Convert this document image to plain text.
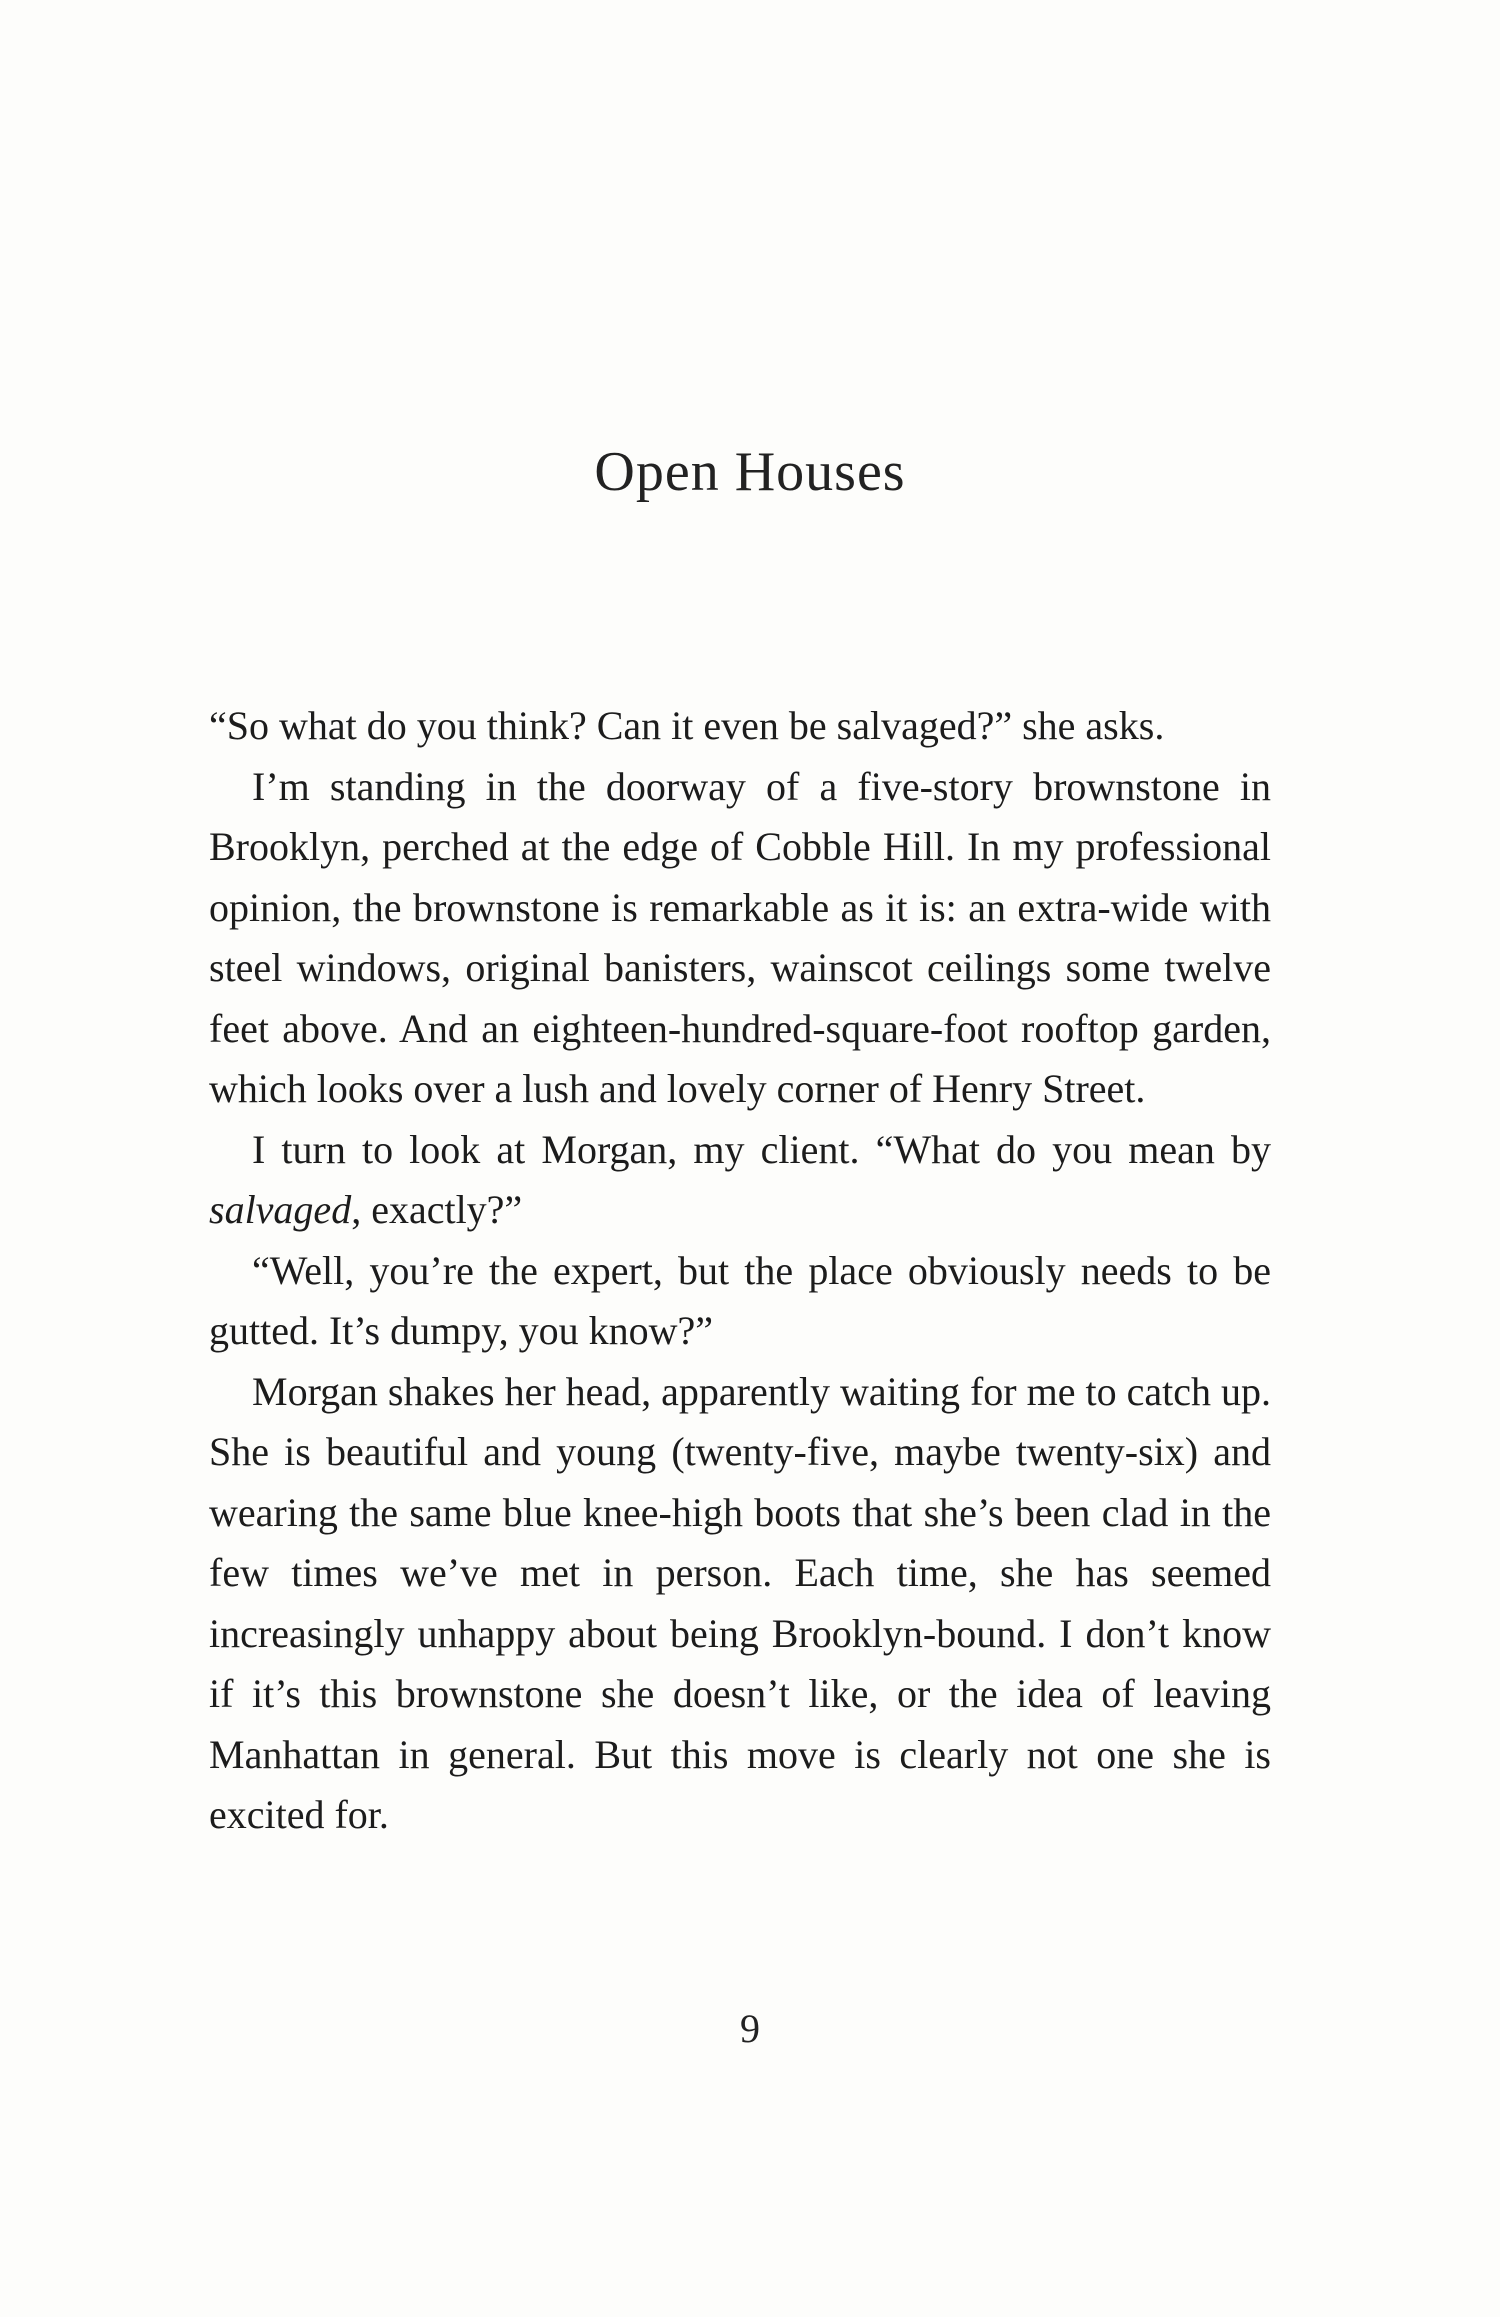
Open Houses

“So what do you think? Can it even be salvaged?” she asks.

I’m standing in the doorway of a five-story brownstone in Brooklyn, perched at the edge of Cobble Hill. In my professional opinion, the brownstone is remarkable as it is: an extra-wide with steel windows, original banisters, wainscot ceilings some twelve feet above. And an eighteen-hundred-square-foot rooftop garden, which looks over a lush and lovely corner of Henry Street.

I turn to look at Morgan, my client. “What do you mean by salvaged, exactly?”

“Well, you’re the expert, but the place obviously needs to be gutted. It’s dumpy, you know?”

Morgan shakes her head, apparently waiting for me to catch up. She is beautiful and young (twenty-five, maybe twenty-six) and wearing the same blue knee-high boots that she’s been clad in the few times we’ve met in person. Each time, she has seemed increasingly unhappy about being Brooklyn-bound. I don’t know if it’s this brownstone she doesn’t like, or the idea of leaving Manhattan in general. But this move is clearly not one she is excited for.

9
